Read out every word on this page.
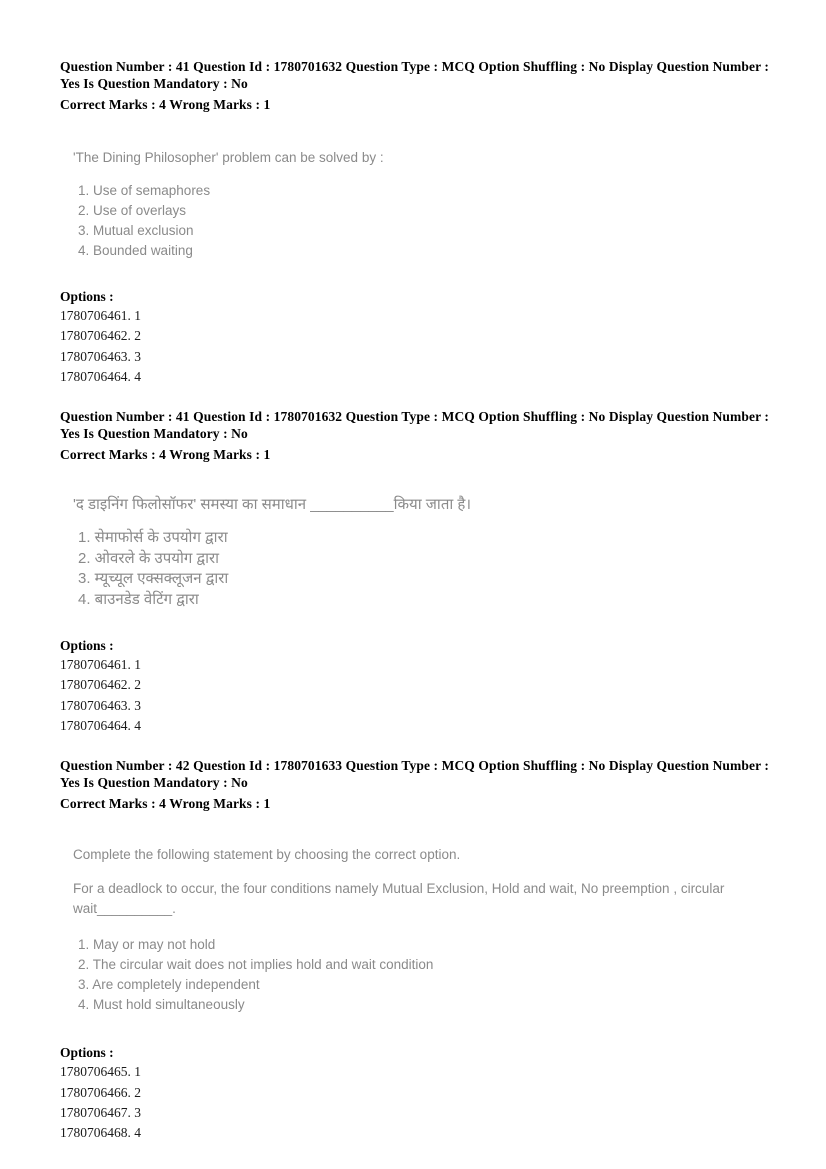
Question Number : 41 Question Id : 1780701632 Question Type : MCQ Option Shuffling : No Display Question Number : Yes Is Question Mandatory : No
Correct Marks : 4 Wrong Marks : 1

'The Dining Philosopher' problem can be solved by :

1. Use of semaphores
2. Use of overlays
3. Mutual exclusion
4. Bounded waiting
Options :
1780706461. 1
1780706462. 2
1780706463. 3
1780706464. 4
Question Number : 41 Question Id : 1780701632 Question Type : MCQ Option Shuffling : No Display Question Number : Yes Is Question Mandatory : No
Correct Marks : 4 Wrong Marks : 1

'द डाइनिंग फिलोसॉफर' समस्या का समाधान __________किया जाता है।

1. सेमाफोर्स के उपयोग द्वारा
2. ओवरले के उपयोग द्वारा
3. म्यूच्यूल एक्सक्लूजन द्वारा
4. बाउनडेड वेटिंग द्वारा
Options :
1780706461. 1
1780706462. 2
1780706463. 3
1780706464. 4
Question Number : 42 Question Id : 1780701633 Question Type : MCQ Option Shuffling : No Display Question Number : Yes Is Question Mandatory : No
Correct Marks : 4 Wrong Marks : 1

Complete the following statement by choosing the correct option.

For a deadlock to occur, the four conditions namely Mutual Exclusion, Hold and wait, No preemption , circular wait__________.

1. May or may not hold
2. The circular wait does not implies hold and wait condition
3. Are completely independent
4. Must hold simultaneously
Options :
1780706465. 1
1780706466. 2
1780706467. 3
1780706468. 4
